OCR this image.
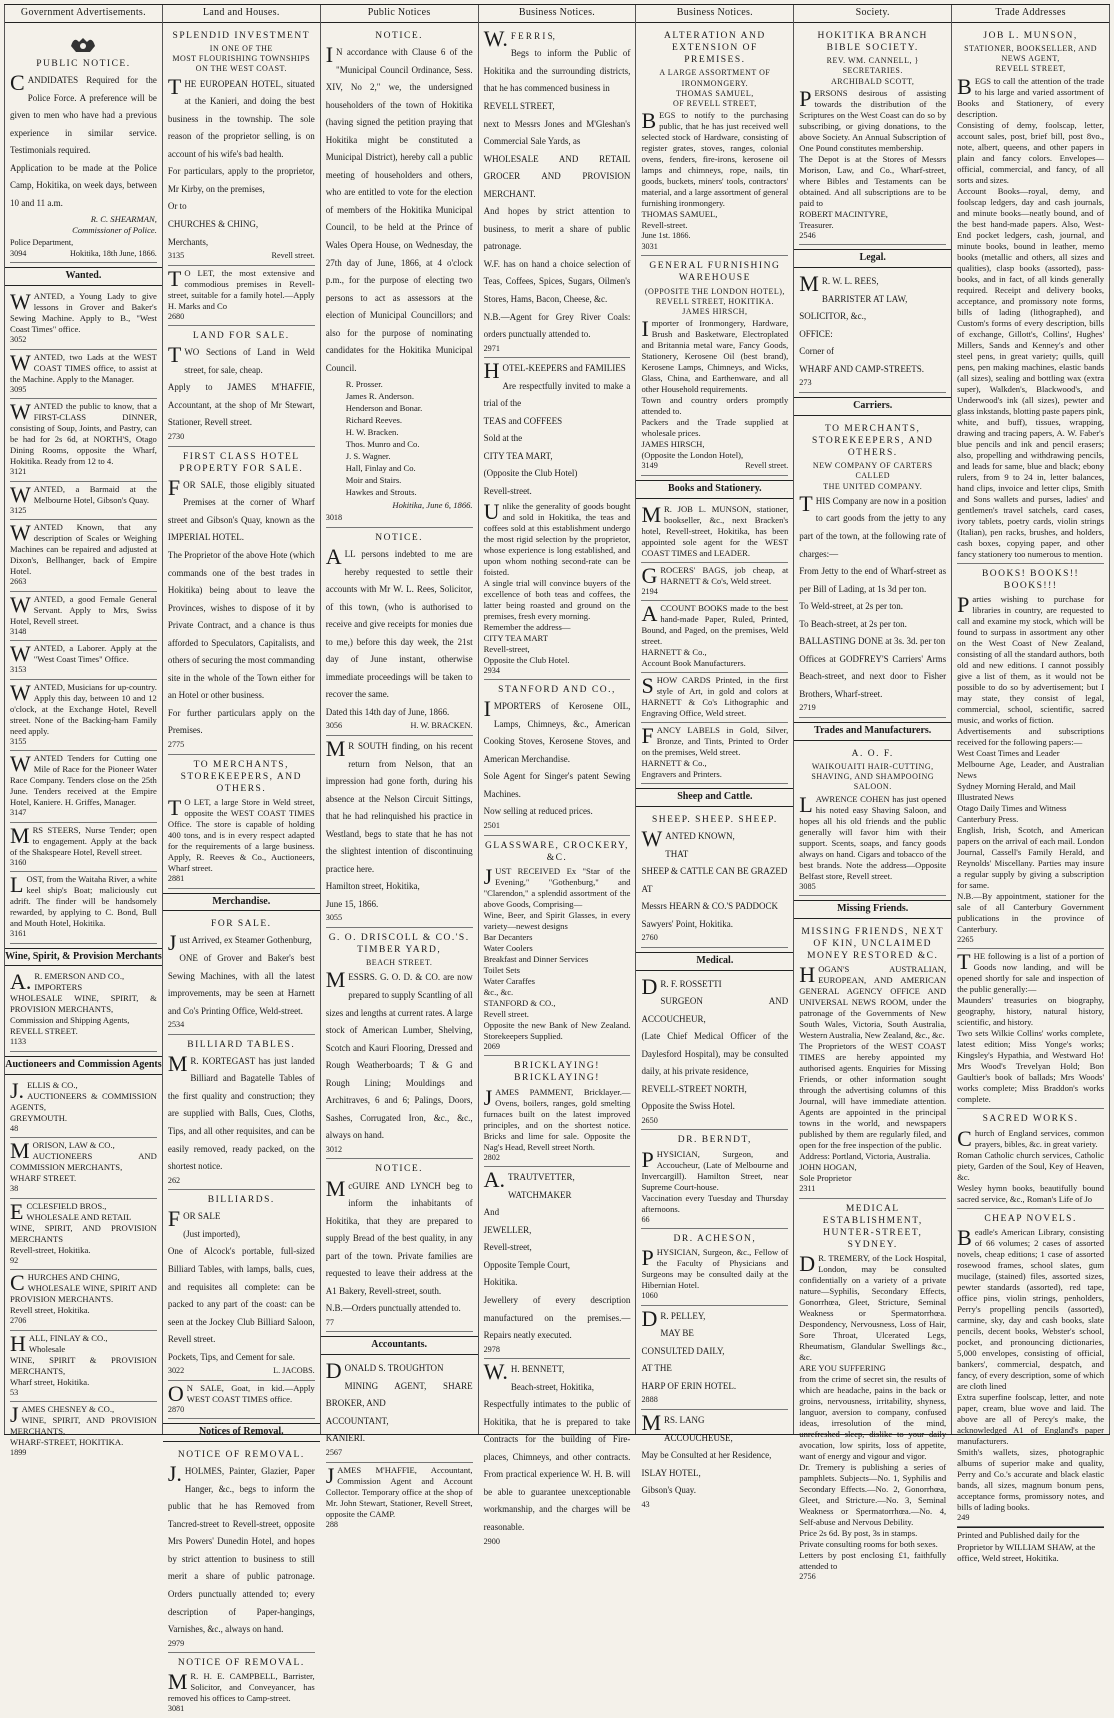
Government Advertisements.
PUBLIC NOTICE.

CANDIDATES Required for the Police Force. A preference will be given to men who have had a previous experience in similar service. Testimonials required.
Application to be made at the Police Camp, Hokitika, on week days, between 10 and 11 a.m.

R. C. SHEARMAN,
Commissioner of Police.
Police Department,
3094	Hokitika, 18th June, 1866.
Wanted.

WANTED, a Young Lady to give lessons in Grover and Baker's Sewing Machine. Apply to B., "West Coast Times" office.

3052

WANTED, two Lads at the WEST COAST TIMES office, to assist at the Machine. Apply to the Manager.

3095

WANTED the public to know, that a FIRST-CLASS DINNER, consisting of Soup, Joints, and Pastry, can be had for 2s 6d, at NORTH'S, Otago Dining Rooms, opposite the Wharf, Hokitika. Ready from 12 to 4.

3121

WANTED, a Barmaid at the Melbourne Hotel, Gibson's Quay.

3125

WANTED Known, that any description of Scales or Weighing Machines can be repaired and adjusted at Dixon's, Bellhanger, back of Empire Hotel.

2663

WANTED, a good Female General Servant. Apply to Mrs, Swiss Hotel, Revell street.

3148

WANTED, a Laborer. Apply at the "West Coast Times" Office.

3153

WANTED, Musicians for up-country. Apply this day, between 10 and 12 o'clock, at the Exchange Hotel, Revell street. None of the Backing-ham Family need apply.

3155

WANTED Tenders for Cutting one Mile of Race for the Pioneer Water Race Company. Tenders close on the 25th June. Tenders received at the Empire Hotel, Kaniere. H. Griffes, Manager.

3147

MRS STEERS, Nurse Tender; open to engagement. Apply at the back of the Shakspeare Hotel, Revell street.

3160

LOST, from the Waitaha River, a white keel ship's Boat; maliciously cut adrift. The finder will be handsomely rewarded, by applying to C. Bond, Bull and Mouth Hotel, Hokitika.

3161
Wine, Spirit, & Provision Merchants

A.R. EMERSON AND CO.,
IMPORTERS
WHOLESALE WINE, SPIRIT, & PROVISION MERCHANTS,
Commission and Shipping Agents,
REVELL STREET.

1133
Auctioneers and Commission Agents

J.ELLIS & CO.,
AUCTIONEERS & COMMISSION AGENTS,
GREYMOUTH.

48

MORISON, LAW & CO.,
AUCTIONEERS AND COMMISSION MERCHANTS,
WHARF STREET.

38

ECCLESFIELD BROS.,
WHOLESALE AND RETAIL
WINE, SPIRIT, AND PROVISION MERCHANTS
Revell-street, Hokitika.

92

CHURCHES AND CHING,
WHOLESALE WINE, SPIRIT AND PROVISION MERCHANTS.
Revell street, Hokitika.

2706

HALL, FINLAY & CO.,
Wholesale
WINE, SPIRIT & PROVISION MERCHANTS,
Wharf street, Hokitika.

53

JAMES CHESNEY & CO.,
WINE, SPIRIT, AND PROVISION MERCHANTS,
WHARF-STREET, HOKITIKA.

1899
Land and Houses.
SPLENDID INVESTMENT
IN ONE OF THE
MOST FLOURISHING TOWNSHIPS
ON THE WEST COAST.

THE EUROPEAN HOTEL, situated at the Kanieri, and doing the best business in the township. The sole reason of the proprietor selling, is on account of his wife's bad health.
For particulars, apply to the proprietor, Mr Kirby, on the premises,
Or to
CHURCHES & CHING,
Merchants,

3135	Revell street.

TO LET, the most extensive and commodious premises in Revell-street, suitable for a family hotel.—Apply H. Marks and Co

2680
LAND FOR SALE.

TWO Sections of Land in Weld street, for sale, cheap.
Apply to JAMES M'HAFFIE, Accountant, at the shop of Mr Stewart, Stationer, Revell street.

2730
FIRST CLASS HOTEL PROPERTY FOR SALE.

FOR SALE, those eligibly situated Premises at the corner of Wharf street and Gibson's Quay, known as the IMPERIAL HOTEL.
The Proprietor of the above Hote (which commands one of the best trades in Hokitika) being about to leave the Provinces, wishes to dispose of it by Private Contract, and a chance is thus afforded to Speculators, Capitalists, and others of securing the most commanding site in the whole of the Town either for an Hotel or other business.
For further particulars apply on the Premises.

2775
TO MERCHANTS, STOREKEEPERS, AND OTHERS.

TO LET, a large Store in Weld street, opposite the WEST COAST TIMES Office. The store is capable of holding 400 tons, and is in every respect adapted for the requirements of a large business. Apply, R. Reeves & Co., Auctioneers, Wharf street.

2881
Merchandise.
FOR SALE.

Just Arrived, ex Steamer Gothenburg,
ONE of Grover and Baker's best Sewing Machines, with all the latest improvements, may be seen at Harnett and Co's Printing Office, Weld-street.

2534
BILLIARD TABLES.

MR. KORTEGAST has just landed Billiard and Bagatelle Tables of the first quality and construction; they are supplied with Balls, Cues, Cloths, Tips, and all other requisites, and can be easily removed, ready packed, on the shortest notice.

262
BILLIARDS.

FOR SALE
(Just imported),
One of Alcock's portable, full-sized Billiard Tables, with lamps, balls, cues, and requisites all complete: can be packed to any part of the coast: can be seen at the Jockey Club Billiard Saloon, Revell street.
Pockets, Tips, and Cement for sale.

3022	L. JACOBS.

ON SALE, Goat, in kid.—Apply WEST COAST TIMES office.

2870
Notices of Removal.
NOTICE OF REMOVAL.

J.HOLMES, Painter, Glazier, Paper Hanger, &c., begs to inform the public that he has Removed from Tancred-street to Revell-street, opposite Mrs Powers' Dunedin Hotel, and hopes by strict attention to business to still merit a share of public patronage. Orders punctually attended to; every description of Paper-hangings, Varnishes, &c., always on hand.

2979
NOTICE OF REMOVAL.

MR. H. E. CAMPBELL, Barrister, Solicitor, and Conveyancer, has removed his offices to Camp-street.

3081
Public Notices
NOTICE.

IN accordance with Clause 6 of the "Municipal Council Ordinance, Sess. XIV, No 2," we, the undersigned householders of the town of Hokitika (having signed the petition praying that Hokitika might be constituted a Municipal District), hereby call a public meeting of householders and others, who are entitled to vote for the election of members of the Hokitika Municipal Council, to be held at the Prince of Wales Opera House, on Wednesday, the 27th day of June, 1866, at 4 o'clock p.m., for the purpose of electing two persons to act as assessors at the election of Municipal Councillors; and also for the purpose of nominating candidates for the Hokitika Municipal Council.

R. Prosser.
James R. Anderson.
Henderson and Bonar.
Richard Reeves.
H. W. Bracken.
Thos. Munro and Co.
J. S. Wagner.
Hall, Finlay and Co.
Moir and Stairs.
Hawkes and Strouts.
Hokitika, June 6, 1866.
3018
NOTICE.

ALL persons indebted to me are hereby requested to settle their accounts with Mr W. L. Rees, Solicitor, of this town, (who is authorised to receive and give receipts for monies due to me,) before this day week, the 21st day of June instant, otherwise immediate proceedings will be taken to recover the same.
Dated this 14th day of June, 1866.

3056	H. W. BRACKEN.

MR SOUTH finding, on his recent return from Nelson, that an impression had gone forth, during his absence at the Nelson Circuit Sittings, that he had relinquished his practice in Westland, begs to state that he has not the slightest intention of discontinuing practice here.
Hamilton street, Hokitika,
June 15, 1866.

3055
G. O. DRISCOLL & CO.'S. TIMBER YARD,
BEACH STREET.

MESSRS. G. O. D. & CO. are now prepared to supply Scantling of all sizes and lengths at current rates. A large stock of American Lumber, Shelving, Scotch and Kauri Flooring, Dressed and Rough Weatherboards; T & G and Rough Lining; Mouldings and Architraves, 6 and 6; Palings, Doors, Sashes, Corrugated Iron, &c., &c., always on hand.

3012
NOTICE.

McGUIRE AND LYNCH beg to inform the inhabitants of Hokitika, that they are prepared to supply Bread of the best quality, in any part of the town. Private families are requested to leave their address at the A1 Bakery, Revell-street, south.
N.B.—Orders punctually attended to.

77
Accountants.

DONALD S. TROUGHTON
MINING AGENT, SHARE BROKER, AND
ACCOUNTANT,
KANIERI.

2567

JAMES M'HAFFIE, Accountant, Commission Agent and Account Collector. Temporary office at the shop of Mr. John Stewart, Stationer, Revell Street, opposite the CAMP.

288
Business Notices.

W.F E R R I S,
Begs to inform the Public of Hokitika and the surrounding districts, that he has commenced business in
REVELL STREET,
next to Messrs Jones and M'Gleshan's Commercial Sale Yards, as
WHOLESALE AND RETAIL GROCER AND PROVISION MERCHANT.
And hopes by strict attention to business, to merit a share of public patronage.
W.F. has on hand a choice selection of Teas, Coffees, Spices, Sugars, Oilmen's Stores, Hams, Bacon, Cheese, &c.
N.B.—Agent for Grey River Coals: orders punctually attended to.

2971

HOTEL-KEEPERS and FAMILIES
Are respectfully invited to make a trial of the
TEAS and COFFEES
Sold at the
CITY TEA MART,
(Opposite the Club Hotel)
Revell-street.

Unlike the generality of goods bought and sold in Hokitika, the teas and coffees sold at this establishment undergo the most rigid selection by the proprietor, whose experience is long established, and upon whom nothing second-rate can be foisted.
A single trial will convince buyers of the excellence of both teas and coffees, the latter being roasted and ground on the premises, fresh every morning.
Remember the address—
CITY TEA MART
Revell-street,
Opposite the Club Hotel.

2934
STANFORD AND CO.,

IMPORTERS of Kerosene OIL, Lamps, Chimneys, &c., American Cooking Stoves, Kerosene Stoves, and American Merchandise.
Sole Agent for Singer's patent Sewing Machines.
Now selling at reduced prices.

2501
GLASSWARE, CROCKERY, &C.

JUST RECEIVED Ex "Star of the Evening," "Gothenburg," and "Clarendon," a splendid assortment of the above Goods, Comprising—
Wine, Beer, and Spirit Glasses, in every variety—newest designs
Bar Decanters
Water Coolers
Breakfast and Dinner Services
Toilet Sets
Water Caraffes
&c., &c.
STANFORD & CO.,
Revell street.
Opposite the new Bank of New Zealand. Storekeepers Supplied.

2069
BRICKLAYING! BRICKLAYING!

JAMES PAMMENT, Bricklayer.—Ovens, boilers, ranges, gold smelting furnaces built on the latest improved principles, and on the shortest notice. Bricks and lime for sale. Opposite the Nag's Head, Revell street North.

2802

A.TRAUTVETTER,
WATCHMAKER
And
JEWELLER,
Revell-street,
Opposite Temple Court,
Hokitika.
Jewellery of every description manufactured on the premises.—Repairs neatly executed.

2978

W.H. BENNETT,
Beach-street, Hokitika,
Respectfully intimates to the public of Hokitika, that he is prepared to take Contracts for the building of Fire-places, Chimneys, and other contracts. From practical experience W. H. B. will be able to guarantee unexceptionable workmanship, and the charges will be reasonable.

2900
Business Notices.
ALTERATION AND EXTENSION OF PREMISES.
A LARGE ASSORTMENT OF
IRONMONGERY.
THOMAS SAMUEL,
OF REVELL STREET,

BEGS to notify to the purchasing public, that he has just received well selected stock of Hardware, consisting of register grates, stoves, ranges, colonial ovens, fenders, fire-irons, kerosene oil lamps and chimneys, rope, nails, tin goods, buckets, miners' tools, contractors' material, and a large assortment of general furnishing ironmongery.
THOMAS SAMUEL,
Revell-street.

June 1st. 1866.
3031
GENERAL FURNISHING WAREHOUSE
(OPPOSITE THE LONDON HOTEL),
REVELL STREET, HOKITIKA.
JAMES HIRSCH,

Importer of Ironmongery, Hardware, Brush and Basketware, Electroplated and Britannia metal ware, Fancy Goods, Stationery, Kerosene Oil (best brand), Kerosene Lamps, Chimneys, and Wicks, Glass, China, and Earthenware, and all other Household requirements.
Town and country orders promptly attended to.
Packers and the Trade supplied at wholesale prices.
JAMES HIRSCH,
(Opposite the London Hotel),

3149	Revell street.
Books and Stationery.

MR. JOB L. MUNSON, stationer, bookseller, &c., next Bracken's hotel, Revell-street, Hokitika, has been appointed sole agent for the WEST COAST TIMES and LEADER.

GROCERS' BAGS, job cheap, at HARNETT & Co's, Weld street.

2194

ACCOUNT BOOKS made to the best hand-made Paper, Ruled, Printed, Bound, and Paged, on the premises, Weld street.
HARNETT & Co.,
Account Book Manufacturers.

SHOW CARDS Printed, in the first style of Art, in gold and colors at HARNETT & Co's Lithographic and Engraving Office, Weld street.

FANCY LABELS in Gold, Silver, Bronze, and Tints, Printed to Order on the premises, Weld street.
HARNETT & Co.,
Engravers and Printers.

Sheep and Cattle.
SHEEP. SHEEP. SHEEP.

WANTED KNOWN,
THAT
SHEEP & CATTLE CAN BE GRAZED
AT
Messrs HEARN & CO.'S PADDOCK
Sawyers' Point, Hokitika.

2760
Medical.

DR. F. ROSSETTI
SURGEON AND ACCOUCHEUR,
(Late Chief Medical Officer of the Daylesford Hospital), may be consulted daily, at his private residence,
REVELL-STREET NORTH,
Opposite the Swiss Hotel.

2650
DR. BERNDT,

PHYSICIAN, Surgeon, and Accoucheur, (Late of Melbourne and Invercargill). Hamilton Street, near Supreme Court-house.
Vaccination every Tuesday and Thursday afternoons.

66
DR. ACHESON,

PHYSICIAN, Surgeon, &c., Fellow of the Faculty of Physicians and Surgeons may be consulted daily at the Hibernian Hotel.

1060

DR. PELLEY,
MAY BE
CONSULTED DAILY,
AT THE
HARP OF ERIN HOTEL.

2888

MRS. LANG
ACCOUCHEUSE,
May be Consulted at her Residence,
ISLAY HOTEL,
Gibson's Quay.

43
Society.
HOKITIKA BRANCH BIBLE SOCIETY.
REV. WM. CANNELL, } SECRETARIES.
ARCHIBALD SCOTT,

PERSONS desirous of assisting towards the distribution of the Scriptures on the West Coast can do so by subscribing, or giving donations, to the above Society. An Annual Subscription of One Pound constitutes membership.
The Depot is at the Stores of Messrs Morison, Law, and Co., Wharf-street, where Bibles and Testaments can be obtained. And all subscriptions are to be paid to
ROBERT MACINTYRE,
Treasurer.

2546
Legal.

MR. W. L. REES,
BARRISTER AT LAW,
SOLICITOR, &c.,
OFFICE:
Corner of
WHARF AND CAMP-STREETS.

273
Carriers.
TO MERCHANTS, STOREKEEPERS, AND OTHERS.
NEW COMPANY OF CARTERS
CALLED
THE UNITED COMPANY.

THIS Company are now in a position to cart goods from the jetty to any part of the town, at the following rate of charges:—
From Jetty to the end of Wharf-street as per Bill of Lading, at 1s 3d per ton.
To Weld-street, at 2s per ton.
To Beach-street, at 2s per ton.
BALLASTING DONE at 3s. 3d. per ton
Offices at GODFREY'S Carriers' Arms Beach-street, and next door to Fisher Brothers, Wharf-street.

2719
Trades and Manufacturers.
A. O. F.
WAIKOUAITI HAIR-CUTTING, SHAVING, AND SHAMPOOING SALOON.

LAWRENCE COHEN has just opened his noted easy Shaving Saloon, and hopes all his old friends and the public generally will favor him with their support. Scents, soaps, and fancy goods always on hand. Cigars and tobacco of the best brands. Note the address—Opposite Belfast store, Revell street.

3085
Missing Friends.
MISSING FRIENDS, NEXT OF KIN, UNCLAIMED MONEY RESTORED &C.

HOGAN'S AUSTRALIAN, EUROPEAN, AND AMERICAN GENERAL AGENCY OFFICE AND UNIVERSAL NEWS ROOM, under the patronage of the Governments of New South Wales, Victoria, South Australia, Western Australia, New Zealand, &c., &c.
The Proprietors of the WEST COAST TIMES are hereby appointed my authorised agents. Enquiries for Missing Friends, or other information sought through the advertising columns of this Journal, will have immediate attention. Agents are appointed in the principal towns in the world, and newspapers published by them are regularly filed, and open for the free inspection of the public.
Address: Portland, Victoria, Australia.
JOHN HOGAN,
Sole Proprietor

2311
MEDICAL ESTABLISHMENT, HUNTER-STREET, SYDNEY.

DR. TREMERY, of the Lock Hospital, London, may be consulted confidentially on a variety of a private nature—Syphilis, Secondary Effects, Gonorrhœa, Gleet, Stricture, Seminal Weakness or Spermatorrhœa. Despondency, Nervousness, Loss of Hair, Sore Throat, Ulcerated Legs, Rheumatism, Glandular Swellings &c., &c.
ARE YOU SUFFERING
from the crime of secret sin, the results of which are headache, pains in the back or groins, nervousness, irritability, shyness, languor, aversion to company, confused ideas, irresolution of the mind, unrefreshed sleep, dislike to your daily avocation, low spirits, loss of appetite, want of energy and vigour and vigor.
Dr. Tremery is publishing a series of pamphlets. Subjects—No. 1, Syphilis and Secondary Effects.—No. 2, Gonorrhœa, Gleet, and Stricture.—No. 3, Seminal Weakness or Spermatorrhœa.—No. 4, Self-abuse and Nervous Debility.
Price 2s 6d. By post, 3s in stamps.
Private consulting rooms for both sexes.
Letters by post enclosing £1, faithfully attended to

2756
Trade Addresses
JOB L. MUNSON,
STATIONER, BOOKSELLER, AND NEWS AGENT,
REVELL STREET,

BEGS to call the attention of the trade to his large and varied assortment of Books and Stationery, of every description.
Consisting of demy, foolscap, letter, account sales, post, brief bill, post 8vo., note, albert, queens, and other papers in plain and fancy colors. Envelopes—official, commercial, and fancy, of all sorts and sizes.
Account Books—royal, demy, and foolscap ledgers, day and cash journals, and minute books—neatly bound, and of the best hand-made papers. Also, West-End pocket ledgers, cash, journal, and minute books, bound in leather, memo books (metallic and others, all sizes and qualities), clasp books (assorted), pass-books, and in fact, of all kinds generally required. Receipt and delivery books, acceptance, and promissory note forms, bills of lading (lithographed), and Custom's forms of every description, bills of exchange, Gillott's, Collins', Hughes' Millers, Sands and Kenney's and other steel pens, in great variety; quills, quill pens, pen making machines, elastic bands (all sizes), sealing and bottling wax (extra super), Walkden's, Blackwood's, and Underwood's ink (all sizes), pewter and glass inkstands, blotting paste papers pink, white, and buff), tissues, wrapping, drawing and tracing papers, A. W. Faber's blue pencils and ink and pencil erasers; also, propelling and withdrawing pencils, and leads for same, blue and black; ebony rulers, from 9 to 24 in, letter balances, hand clips, invoice and letter clips, Smith and Sons wallets and purses, ladies' and gentlemen's travel satchels, card cases, ivory tablets, poetry cards, violin strings (Italian), pen racks, brushes, and holders, cash boxes, copying paper, and other fancy stationery too numerous to mention.

BOOKS! BOOKS!! BOOKS!!!

Parties wishing to purchase for libraries in country, are requested to call and examine my stock, which will be found to surpass in assortment any other on the West Coast of New Zealand, consisting of all the standard authors, both old and new editions. I cannot possibly give a list of them, as it would not be possible to do so by advertisement; but I may state, they consist of legal, commercial, school, scientific, sacred music, and works of fiction.
Advertisements and subscriptions received for the following papers:—
West Coast Times and Leader
Melbourne Age, Leader, and Australian News
Sydney Morning Herald, and Mail
Illustrated News
Otago Daily Times and Witness
Canterbury Press.
English, Irish, Scotch, and American papers on the arrival of each mail. London Journal, Cassell's Family Herald, and Reynolds' Miscellany. Parties may insure a regular supply by giving a subscription for same.
N.B.—By appointment, stationer for the sale of all Canterbury Government publications in the province of Canterbury.

2265

THE following is a list of a portion of Goods now landing, and will be opened shortly for sale and inspection of the public generally:—
Maunders' treasuries on biography, geography, history, natural history, scientific, and history.
Two sets Wilkie Collins' works complete, latest edition; Miss Yonge's works; Kingsley's Hypathia, and Westward Ho! Mrs Wood's Trevelyan Hold; Bon Gaultier's book of ballads; Mrs Woods' works complete; Miss Braddon's works complete.

SACRED WORKS.

Church of England services, common prayers, bibles, &c. in great variety.
Roman Catholic church services, Catholic piety, Garden of the Soul, Key of Heaven, &c.
Wesley hymn books, beautifully bound sacred service, &c., Roman's Life of Jo

CHEAP NOVELS.

Beadle's American Library, consisting of 66 volumes; 2 cases of assorted novels, cheap editions; 1 case of assorted rosewood frames, school slates, gum mucilage, (stained) files, assorted sizes, pewter standards (assorted), red tape, office pins, violin strings, penholders, Perry's propelling pencils (assorted), carmine, sky, day and cash books, slate pencils, decent books, Webster's school, pocket, and pronouncing dictionaries, 5,000 envelopes, consisting of official, bankers', commercial, despatch, and fancy, of every description, some of which are cloth lined
Extra superfine foolscap, letter, and note paper, cream, blue wove and laid. The above are all of Percy's make, the acknowledged A1 of England's paper manufacturers.
Smith's wallets, sizes, photographic albums of superior make and quality, Perry and Co.'s accurate and black elastic bands, all sizes, magnum bonum pens, acceptance forms, promissory notes, and bills of lading books.

249
Printed and Published daily for the Proprietor by WILLIAM SHAW, at the office, Weld street, Hokitika.
